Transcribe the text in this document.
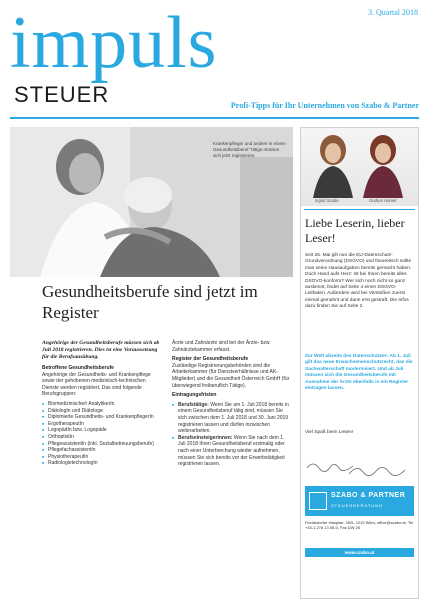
impuls
STEUER
3. Quartal 2018
Profi-Tipps für Ihr Unternehmen von Szabo & Partner
Krankenpfleger und andere in einem Gesundheitsberuf Tätige müssen sich jetzt registrieren.
Gesundheitsberufe sind jetzt im Register
Angehörige der Gesundheitsberufe müssen sich ab Juli 2018 registrieren. Dies ist eine Voraussetzung für die Berufsausübung.
Betroffene Gesundheitsberufe

Angehörige der Gesundheits- und Krankenpflege sowie der gehobenen medizinisch-technischen Dienste werden registriert. Das sind folgende Berufsgruppen:

■ Biomedizinische/r AnalytikerIn
■ DiätologIn und Diätologe
■ Diplomierte Gesundheits- und KrankenpflegerIn
■ ErgotherapeutIn
■ LogopädIn bzw. Logopäde
■ OrthoptistIn
■ PflegeassistentIn (inkl. Sozialbetreuungsberufe)
■ PflegefachassistentIn
■ PhysiotherapeutIn
■ RadiologietechnologIn

Ärzte und Zahnärzte sind bei der Ärzte- bzw. Zahnärztekammer erfasst.

Register der Gesundheitsberufe

Zuständige Registrierungsbehörden sind die Arbeiterkammer (für Dienstverhältnisse und AK-Mitglieder) und die Gesundheit Österreich GmbH (für überwiegend freiberuflich Tätige).

Eintragungsfristen
■ Berufstätige: Wenn Sie am 1. Juli 2018 bereits in einem Gesundheitsberuf tätig sind, müssen Sie sich zwischen dem 1. Juli 2018 und 30. Juni 2019 registrieren lassen und dürfen inzwischen weiterarbeiten.
■ Berufseinsteigerinnen: Wenn Sie nach dem 1. Juli 2018 Ihren Gesundheitsberuf erstmalig oder nach einer Unterbrechung wieder aufnehmen, müssen Sie sich bereits vor der Erwerbstätigkeit registrieren lassen.
Ingrid Szabo	Gudrun Hamel
Liebe Leserin, lieber Leser!
Seit 25. Mai gilt nun die EU-Datenschutz-Grundverordnung (DSGVO) und theoretisch sollte man seine Hausaufgaben bereits gemacht haben. Doch Hand aufs Herz: Ist bei Ihnen bereits alles DSGVO-konform? Wer sich noch nicht so ganz auskennt, findet auf Seite 4 einen DSGVO-Leitfaden. Außerdem wird bei Verstößen zuerst einmal gemahnt und dann erst gestraft. Die Infos dazu finden Sie auf Seite 2.
Zur Welt abseits des Datenschutzes: Ab 1. Juli gilt das neue Erwachsenenschutzrecht, das die Sachwalterschaft modernisiert. Und ab Juli müssen sich die Gesundheitsberufe mit Ausnahme der Ärzte ebenfalls in ein Register eintragen lassen.
Viel Spaß beim Lesen!
SZABO & PARTNER
STEUERBERATUNG
Floridsdorfer Hauptstr. 29/5, 1210 Wien, office@szabo.at, Tel +43-1 278 13 55-0, Fax DW 25
www.szabo.at
